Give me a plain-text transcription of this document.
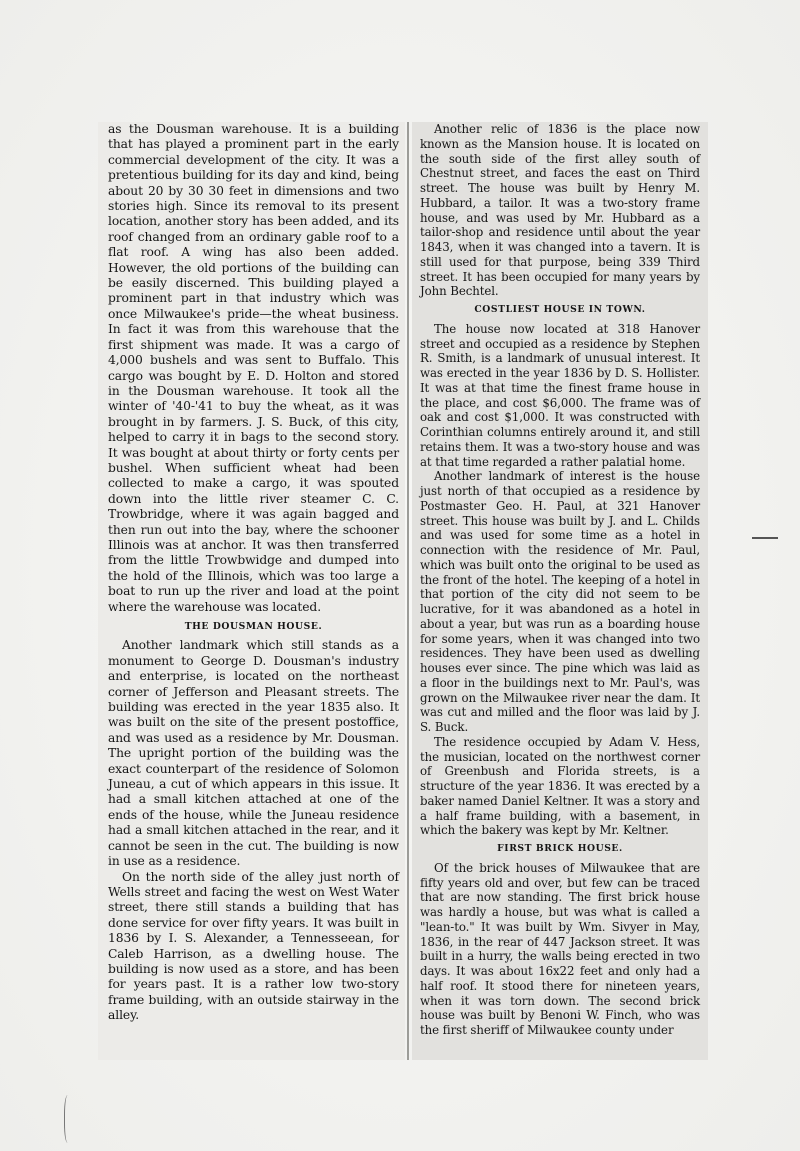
as the Dousman warehouse. It is a building that has played a prominent part in the early commercial development of the city. It was a pretentious building for its day and kind, being about 20 by 30 30 feet in dimensions and two stories high. Since its removal to its present location, another story has been added, and its roof changed from an ordinary gable roof to a flat roof. A wing has also been added. However, the old portions of the building can be easily discerned. This building played a prominent part in that industry which was once Milwaukee's pride—the wheat business. In fact it was from this warehouse that the first shipment was made. It was a cargo of 4,000 bushels and was sent to Buffalo. This cargo was bought by E. D. Holton and stored in the Dousman warehouse. It took all the winter of '40-'41 to buy the wheat, as it was brought in by farmers. J. S. Buck, of this city, helped to carry it in bags to the second story. It was bought at about thirty or forty cents per bushel. When sufficient wheat had been collected to make a cargo, it was spouted down into the little river steamer C. C. Trowbridge, where it was again bagged and then run out into the bay, where the schooner Illinois was at anchor. It was then transferred from the little Trowbwidge and dumped into the hold of the Illinois, which was too large a boat to run up the river and load at the point where the warehouse was located.

THE DOUSMAN HOUSE.

Another landmark which still stands as a monument to George D. Dousman's industry and enterprise, is located on the northeast corner of Jefferson and Pleasant streets. The building was erected in the year 1835 also. It was built on the site of the present postoffice, and was used as a residence by Mr. Dousman. The upright portion of the building was the exact counterpart of the residence of Solomon Juneau, a cut of which appears in this issue. It had a small kitchen attached at one of the ends of the house, while the Juneau residence had a small kitchen attached in the rear, and it cannot be seen in the cut. The building is now in use as a residence.

On the north side of the alley just north of Wells street and facing the west on West Water street, there still stands a building that has done service for over fifty years. It was built in 1836 by I. S. Alexander, a Tennesseean, for Caleb Harrison, as a dwelling house. The building is now used as a store, and has been for years past. It is a rather low two-story frame building, with an outside stairway in the alley.

Another relic of 1836 is the place now known as the Mansion house. It is located on the south side of the first alley south of Chestnut street, and faces the east on Third street. The house was built by Henry M. Hubbard, a tailor. It was a two-story frame house, and was used by Mr. Hubbard as a tailor-shop and residence until about the year 1843, when it was changed into a tavern. It is still used for that purpose, being 339 Third street. It has been occupied for many years by John Bechtel.

COSTLIEST HOUSE IN TOWN.

The house now located at 318 Hanover street and occupied as a residence by Stephen R. Smith, is a landmark of unusual interest. It was erected in the year 1836 by D. S. Hollister. It was at that time the finest frame house in the place, and cost $6,000. The frame was of oak and cost $1,000. It was constructed with Corinthian columns entirely around it, and still retains them. It was a two-story house and was at that time regarded a rather palatial home.

Another landmark of interest is the house just north of that occupied as a residence by Postmaster Geo. H. Paul, at 321 Hanover street. This house was built by J. and L. Childs and was used for some time as a hotel in connection with the residence of Mr. Paul, which was built onto the original to be used as the front of the hotel. The keeping of a hotel in that portion of the city did not seem to be lucrative, for it was abandoned as a hotel in about a year, but was run as a boarding house for some years, when it was changed into two residences. They have been used as dwelling houses ever since. The pine which was laid as a floor in the buildings next to Mr. Paul's, was grown on the Milwaukee river near the dam. It was cut and milled and the floor was laid by J. S. Buck.

The residence occupied by Adam V. Hess, the musician, located on the northwest corner of Greenbush and Florida streets, is a structure of the year 1836. It was erected by a baker named Daniel Keltner. It was a story and a half frame building, with a basement, in which the bakery was kept by Mr. Keltner.

FIRST BRICK HOUSE.

Of the brick houses of Milwaukee that are fifty years old and over, but few can be traced that are now standing. The first brick house was hardly a house, but was what is called a "lean-to." It was built by Wm. Sivyer in May, 1836, in the rear of 447 Jackson street. It was built in a hurry, the walls being erected in two days. It was about 16x22 feet and only had a half roof. It stood there for nineteen years, when it was torn down. The second brick house was built by Benoni W. Finch, who was the first sheriff of Milwaukee county under
